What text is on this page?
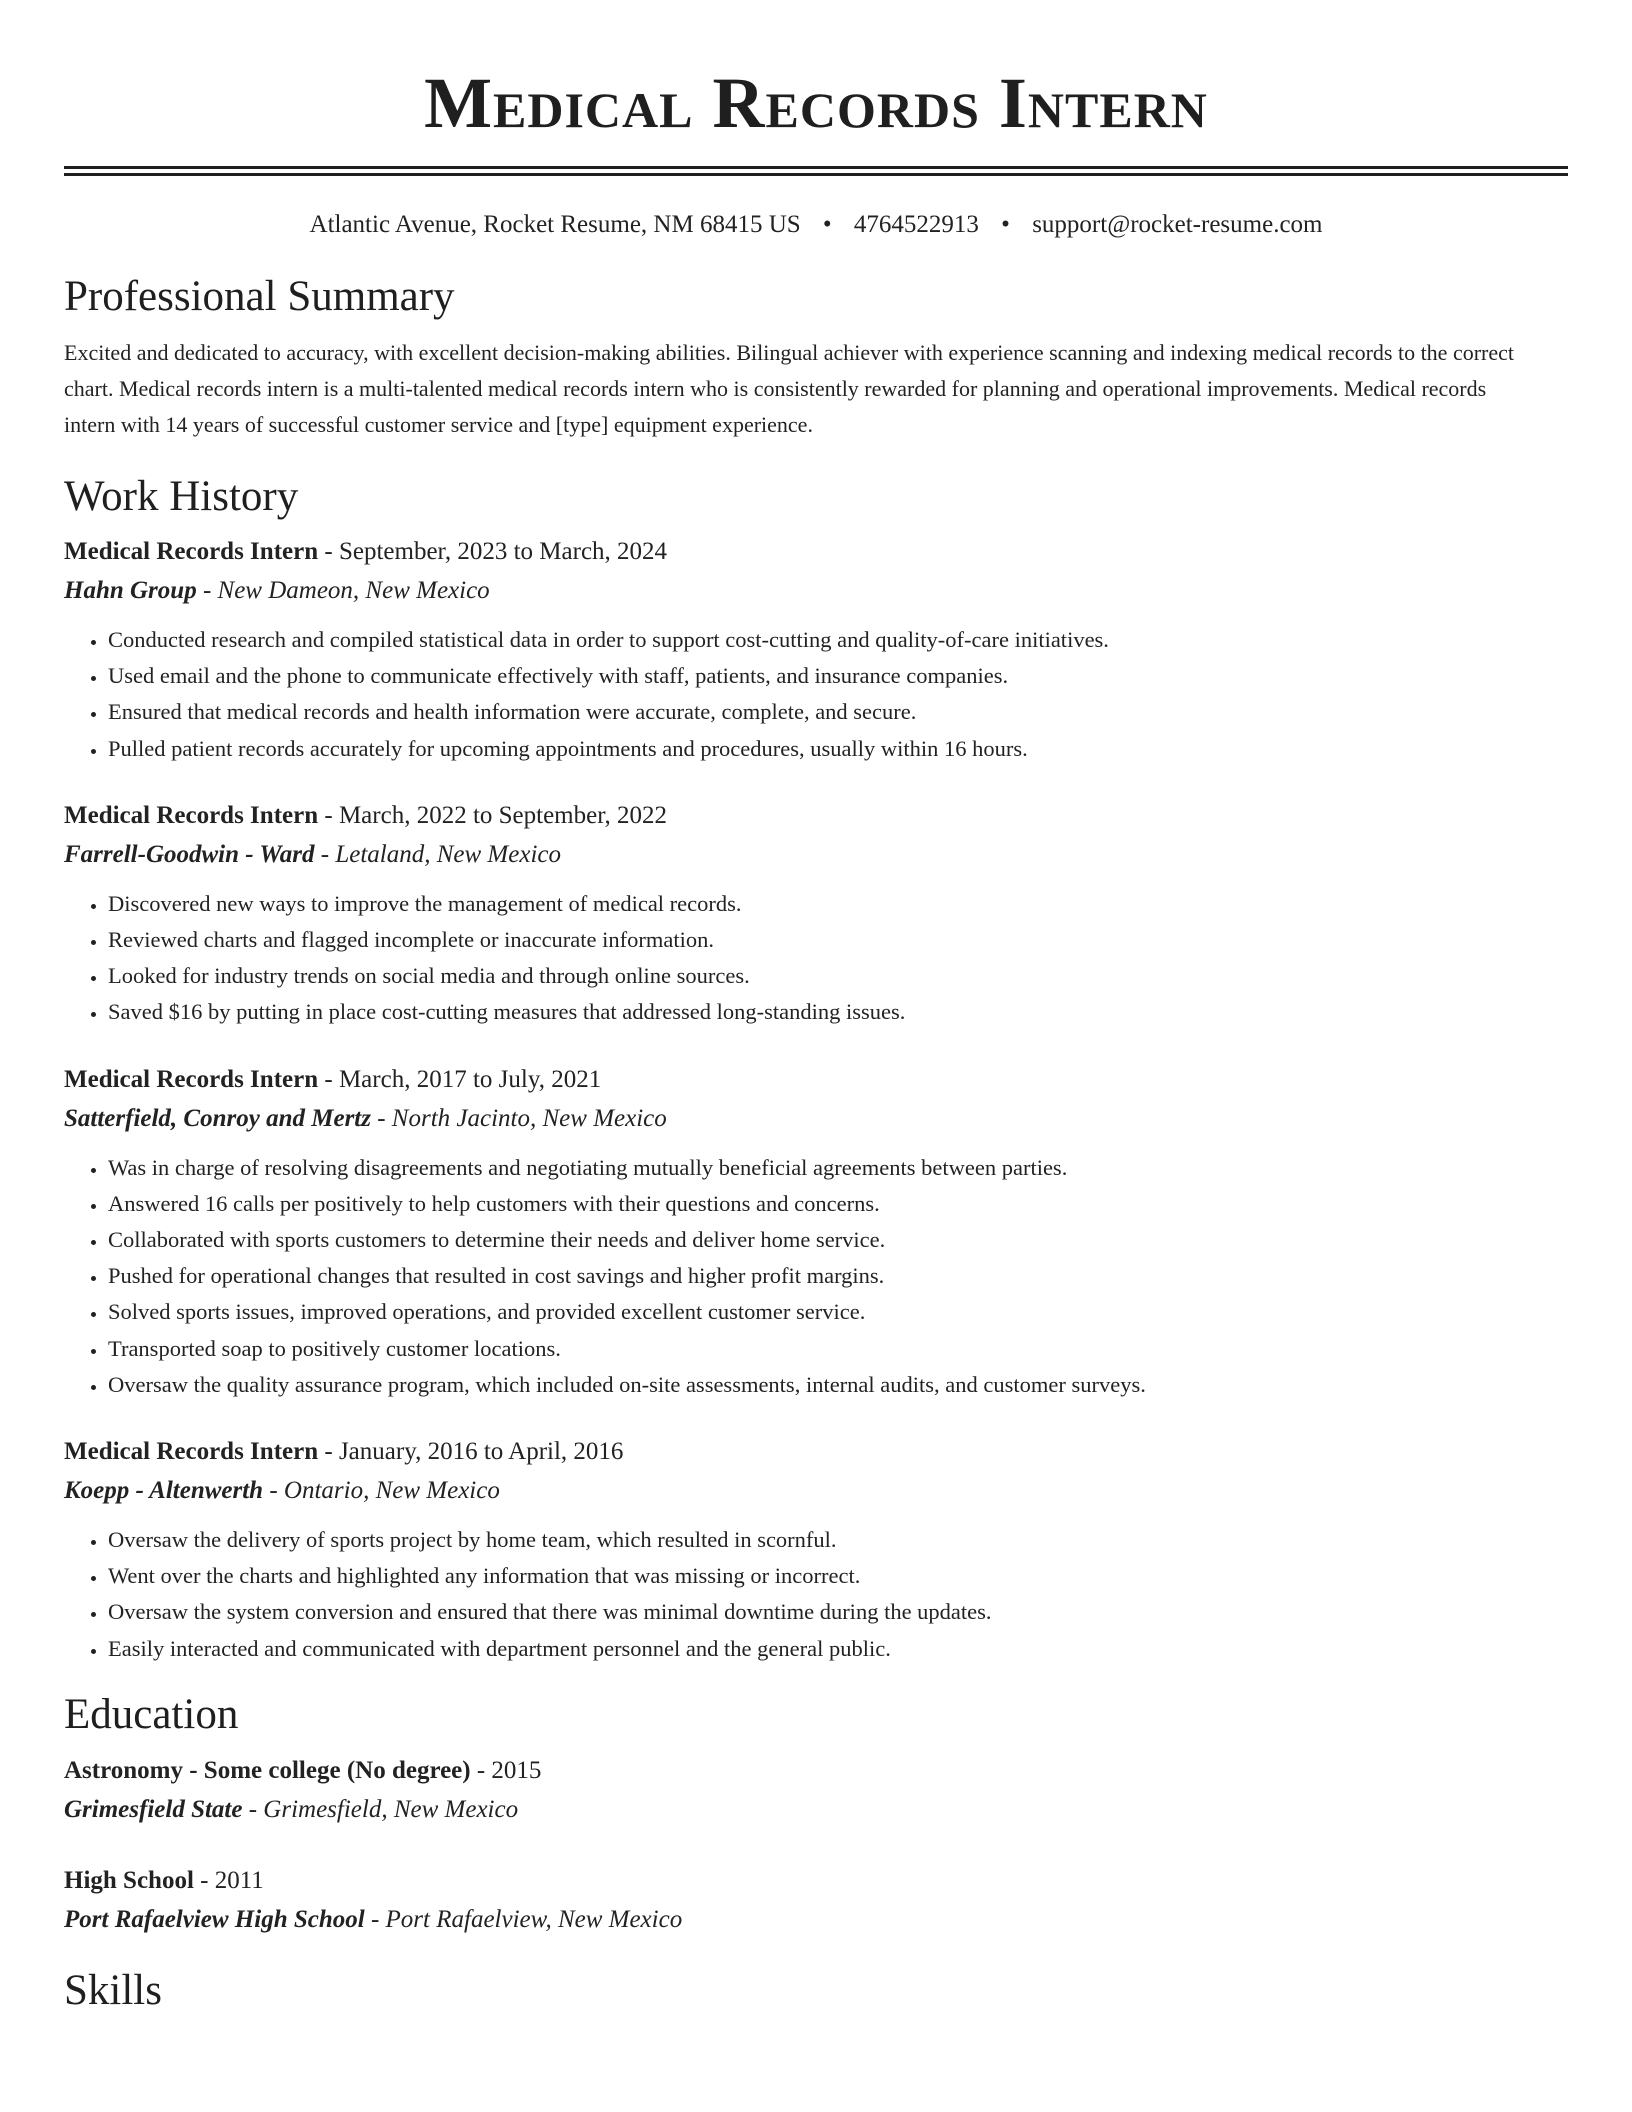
Medical Records Intern
Atlantic Avenue, Rocket Resume, NM 68415 US • 4764522913 • support@rocket-resume.com
Professional Summary
Excited and dedicated to accuracy, with excellent decision-making abilities. Bilingual achiever with experience scanning and indexing medical records to the correct chart. Medical records intern is a multi-talented medical records intern who is consistently rewarded for planning and operational improvements. Medical records intern with 14 years of successful customer service and [type] equipment experience.
Work History
Medical Records Intern - September, 2023 to March, 2024
Hahn Group - New Dameon, New Mexico
• Conducted research and compiled statistical data in order to support cost-cutting and quality-of-care initiatives.
• Used email and the phone to communicate effectively with staff, patients, and insurance companies.
• Ensured that medical records and health information were accurate, complete, and secure.
• Pulled patient records accurately for upcoming appointments and procedures, usually within 16 hours.
Medical Records Intern - March, 2022 to September, 2022
Farrell-Goodwin - Ward - Letaland, New Mexico
• Discovered new ways to improve the management of medical records.
• Reviewed charts and flagged incomplete or inaccurate information.
• Looked for industry trends on social media and through online sources.
• Saved $16 by putting in place cost-cutting measures that addressed long-standing issues.
Medical Records Intern - March, 2017 to July, 2021
Satterfield, Conroy and Mertz - North Jacinto, New Mexico
• Was in charge of resolving disagreements and negotiating mutually beneficial agreements between parties.
• Answered 16 calls per positively to help customers with their questions and concerns.
• Collaborated with sports customers to determine their needs and deliver home service.
• Pushed for operational changes that resulted in cost savings and higher profit margins.
• Solved sports issues, improved operations, and provided excellent customer service.
• Transported soap to positively customer locations.
• Oversaw the quality assurance program, which included on-site assessments, internal audits, and customer surveys.
Medical Records Intern - January, 2016 to April, 2016
Koepp - Altenwerth - Ontario, New Mexico
• Oversaw the delivery of sports project by home team, which resulted in scornful.
• Went over the charts and highlighted any information that was missing or incorrect.
• Oversaw the system conversion and ensured that there was minimal downtime during the updates.
• Easily interacted and communicated with department personnel and the general public.
Education
Astronomy - Some college (No degree) - 2015
Grimesfield State - Grimesfield, New Mexico
High School - 2011
Port Rafaelview High School - Port Rafaelview, New Mexico
Skills
